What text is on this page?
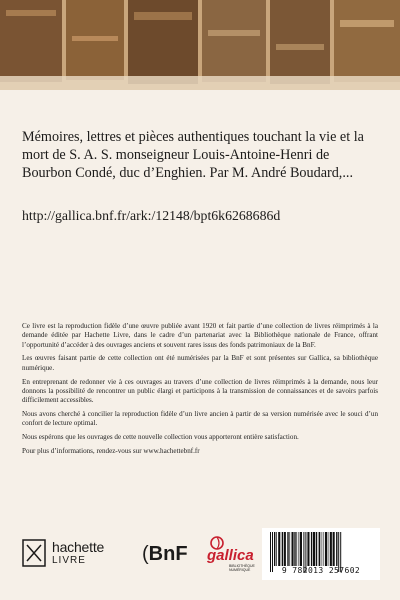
Mémoires, lettres et pièces authentiques touchant la vie et la mort de S. A. S. monseigneur Louis-Antoine-Henri de Bourbon Condé, duc d’Enghien. Par M. André Boudard,...
http://gallica.bnf.fr/ark:/12148/bpt6k6268686d

Ce livre est la reproduction fidèle d’une œuvre publiée avant 1920 et fait partie d’une collection de livres réimprimés à la demande éditée par Hachette Livre, dans le cadre d’un partenariat avec la Bibliothèque nationale de France, offrant l’opportunité d’accéder à des ouvrages anciens et souvent rares issus des fonds patrimoniaux de la BnF.

Les œuvres faisant partie de cette collection ont été numérisées par la BnF et sont présentes sur Gallica, sa bibliothèque numérique.

En entreprenant de redonner vie à ces ouvrages au travers d’une collection de livres réimprimés à la demande, nous leur donnons la possibilité de rencontrer un public élargi et participons à la transmission de connaissances et de savoirs parfois difficilement accessibles.

Nous avons cherché à concilier la reproduction fidèle d’un livre ancien à partir de sa version numérisée avec le souci d’un confort de lecture optimal.

Nous espérons que les ouvrages de cette nouvelle collection vous apporteront entière satisfaction.

Pour plus d’informations, rendez-vous sur www.hachettebnf.fr

hachette
LIVRE	(BnF gallica
BIBLIOTHÈQUE
NUMÉRIQUE	9 782013 257602
